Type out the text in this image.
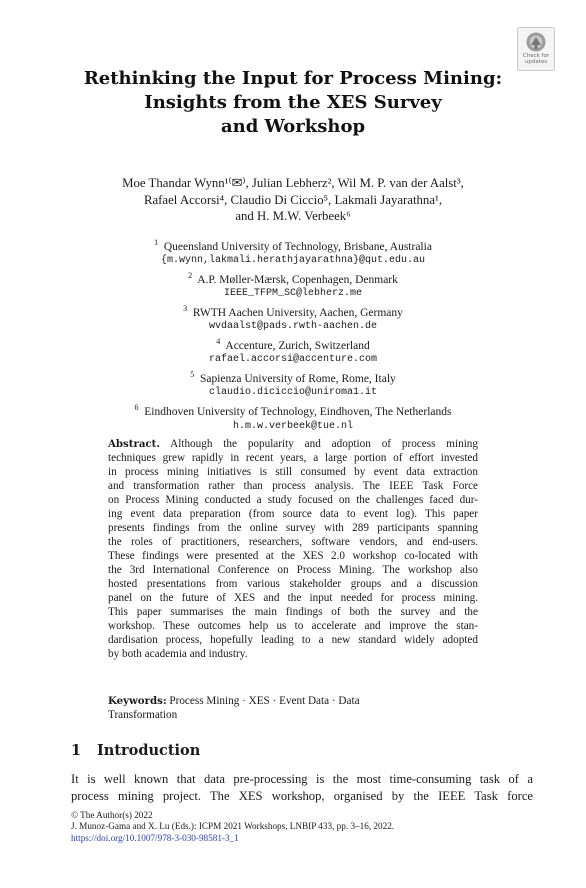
Check for
updates
Rethinking the Input for Process Mining:
Insights from the XES Survey
and Workshop
Moe Thandar Wynn¹⁽✉⁾, Julian Lebherz², Wil M. P. van der Aalst³,
Rafael Accorsi⁴, Claudio Di Ciccio⁵, Lakmali Jayarathna¹,
and H. M.W. Verbeek⁶
$^1$ Queensland University of Technology, Brisbane, Australia
{m.wynn,lakmali.herathjayarathna}@qut.edu.au
$^2$ A.P. Møller-Mærsk, Copenhagen, Denmark
IEEE_TFPM_SC@lebherz.me
$^3$ RWTH Aachen University, Aachen, Germany
wvdaalst@pads.rwth-aachen.de
$^4$ Accenture, Zurich, Switzerland
rafael.accorsi@accenture.com
$^5$ Sapienza University of Rome, Rome, Italy
claudio.diciccio@uniroma1.it
$^6$ Eindhoven University of Technology, Eindhoven, The Netherlands
h.m.w.verbeek@tue.nl
Abstract. Although the popularity and adoption of process mining
techniques grew rapidly in recent years, a large portion of effort invested
in process mining initiatives is still consumed by event data extraction
and transformation rather than process analysis. The IEEE Task Force
on Process Mining conducted a study focused on the challenges faced dur-
ing event data preparation (from source data to event log). This paper
presents findings from the online survey with 289 participants spanning
the roles of practitioners, researchers, software vendors, and end-users.
These findings were presented at the XES 2.0 workshop co-located with
the 3rd International Conference on Process Mining. The workshop also
hosted presentations from various stakeholder groups and a discussion
panel on the future of XES and the input needed for process mining.
This paper summarises the main findings of both the survey and the
workshop. These outcomes help us to accelerate and improve the stan-
dardisation process, hopefully leading to a new standard widely adopted
by both academia and industry.
Keywords: Process Mining · XES · Event Data · Data
Transformation
1 Introduction
It is well known that data pre-processing is the most time-consuming task of a
process mining project. The XES workshop, organised by the IEEE Task force
© The Author(s) 2022
J. Munoz-Gama and X. Lu (Eds.): ICPM 2021 Workshops, LNBIP 433, pp. 3–16, 2022.
https://doi.org/10.1007/978-3-030-98581-3_1
